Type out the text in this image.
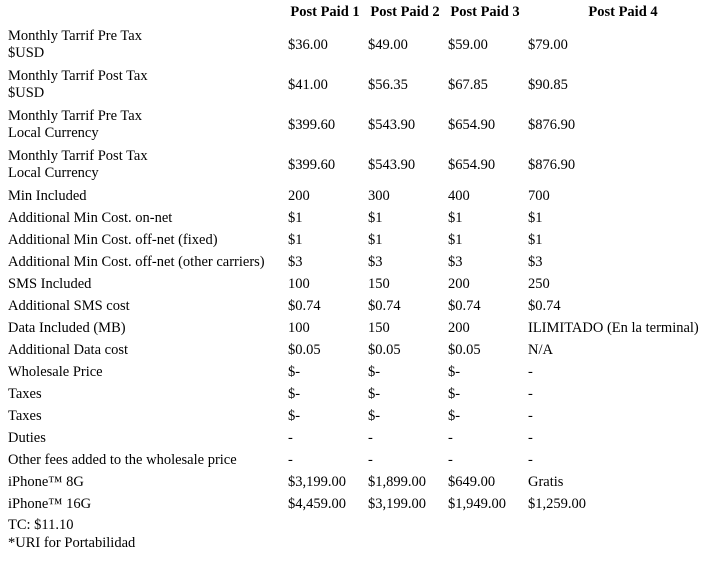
	Post Paid 1	Post Paid 2	Post Paid 3	Post Paid 4

Monthly Tarrif Pre Tax
$USD	$36.00	$49.00	$59.00	$79.00

Monthly Tarrif Post Tax
$USD	$41.00	$56.35	$67.85	$90.85

Monthly Tarrif Pre Tax
Local Currency	$399.60	$543.90	$654.90	$876.90

Monthly Tarrif Post Tax
Local Currency	$399.60	$543.90	$654.90	$876.90

Min Included	200	300	400	700

Additional Min Cost. on-net	$1	$1	$1	$1

Additional Min Cost. off-net (fixed)	$1	$1	$1	$1

Additional Min Cost. off-net (other carriers)	$3	$3	$3	$3

SMS Included	100	150	200	250

Additional SMS cost	$0.74	$0.74	$0.74	$0.74

Data Included (MB)	100	150	200	ILIMITADO (En la terminal)

Additional Data cost	$0.05	$0.05	$0.05	N/A

Wholesale Price	$-	$-	$-	-

Taxes	$-	$-	$-	-

Taxes	$-	$-	$-	-

Duties	-	-	-	-

Other fees added to the wholesale price	-	-	-	-

iPhone™ 8G	$3,199.00	$1,899.00	$649.00	Gratis

iPhone™ 16G	$4,459.00	$3,199.00	$1,949.00	$1,259.00
TC: $11.10
*URI for Portabilidad
